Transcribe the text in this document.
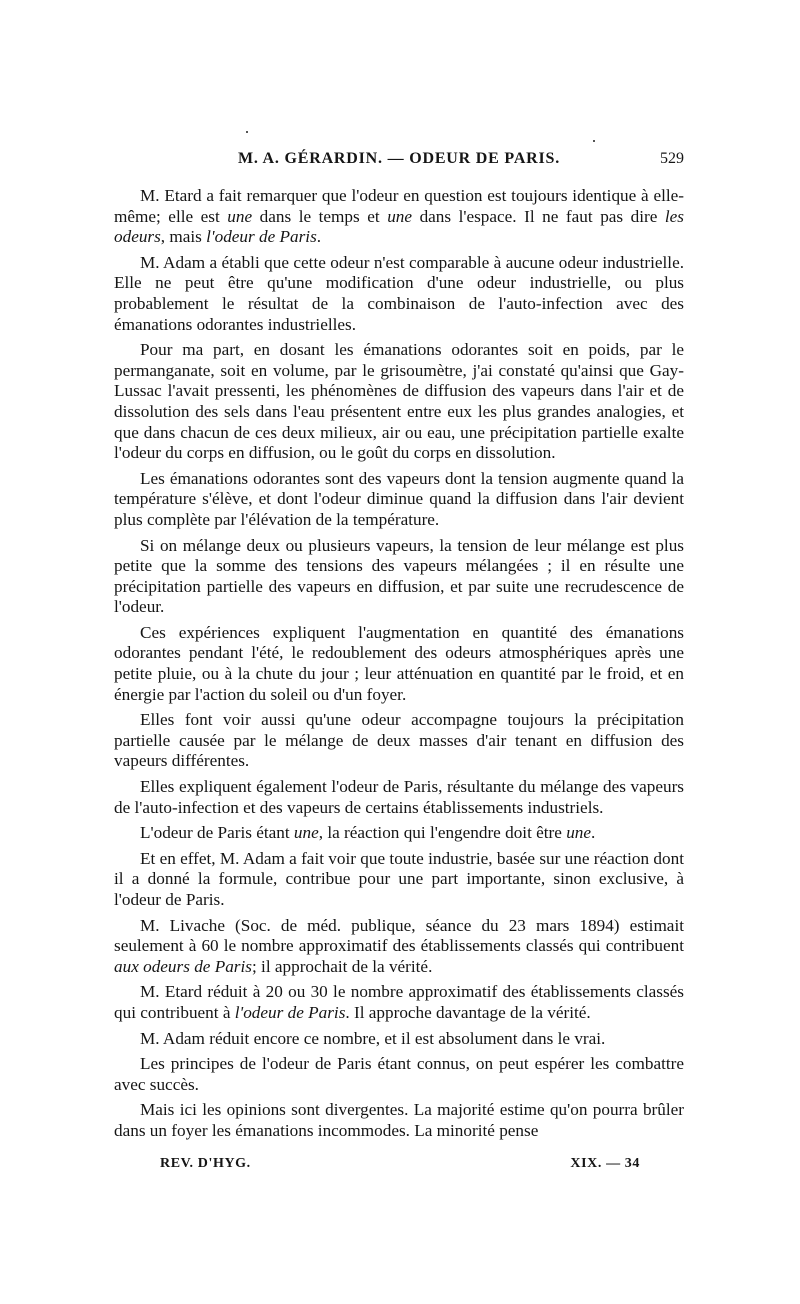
M. A. GÉRARDIN. — ODEUR DE PARIS.	529

M. Etard a fait remarquer que l'odeur en question est toujours identique à elle-même; elle est une dans le temps et une dans l'espace. Il ne faut pas dire les odeurs, mais l'odeur de Paris.

M. Adam a établi que cette odeur n'est comparable à aucune odeur industrielle. Elle ne peut être qu'une modification d'une odeur industrielle, ou plus probablement le résultat de la combinaison de l'auto-infection avec des émanations odorantes industrielles.

Pour ma part, en dosant les émanations odorantes soit en poids, par le permanganate, soit en volume, par le grisoumètre, j'ai constaté qu'ainsi que Gay-Lussac l'avait pressenti, les phénomènes de diffusion des vapeurs dans l'air et de dissolution des sels dans l'eau présentent entre eux les plus grandes analogies, et que dans chacun de ces deux milieux, air ou eau, une précipitation partielle exalte l'odeur du corps en diffusion, ou le goût du corps en dissolution.

Les émanations odorantes sont des vapeurs dont la tension augmente quand la température s'élève, et dont l'odeur diminue quand la diffusion dans l'air devient plus complète par l'élévation de la température.

Si on mélange deux ou plusieurs vapeurs, la tension de leur mélange est plus petite que la somme des tensions des vapeurs mélangées ; il en résulte une précipitation partielle des vapeurs en diffusion, et par suite une recrudescence de l'odeur.

Ces expériences expliquent l'augmentation en quantité des émanations odorantes pendant l'été, le redoublement des odeurs atmosphériques après une petite pluie, ou à la chute du jour ; leur atténuation en quantité par le froid, et en énergie par l'action du soleil ou d'un foyer.

Elles font voir aussi qu'une odeur accompagne toujours la précipitation partielle causée par le mélange de deux masses d'air tenant en diffusion des vapeurs différentes.

Elles expliquent également l'odeur de Paris, résultante du mélange des vapeurs de l'auto-infection et des vapeurs de certains établissements industriels.

L'odeur de Paris étant une, la réaction qui l'engendre doit être une.

Et en effet, M. Adam a fait voir que toute industrie, basée sur une réaction dont il a donné la formule, contribue pour une part importante, sinon exclusive, à l'odeur de Paris.

M. Livache (Soc. de méd. publique, séance du 23 mars 1894) estimait seulement à 60 le nombre approximatif des établissements classés qui contribuent aux odeurs de Paris; il approchait de la vérité.

M. Etard réduit à 20 ou 30 le nombre approximatif des établissements classés qui contribuent à l'odeur de Paris. Il approche davantage de la vérité.

M. Adam réduit encore ce nombre, et il est absolument dans le vrai.

Les principes de l'odeur de Paris étant connus, on peut espérer les combattre avec succès.

Mais ici les opinions sont divergentes. La majorité estime qu'on pourra brûler dans un foyer les émanations incommodes. La minorité pense

REV. D'HYG.	XIX. — 34
